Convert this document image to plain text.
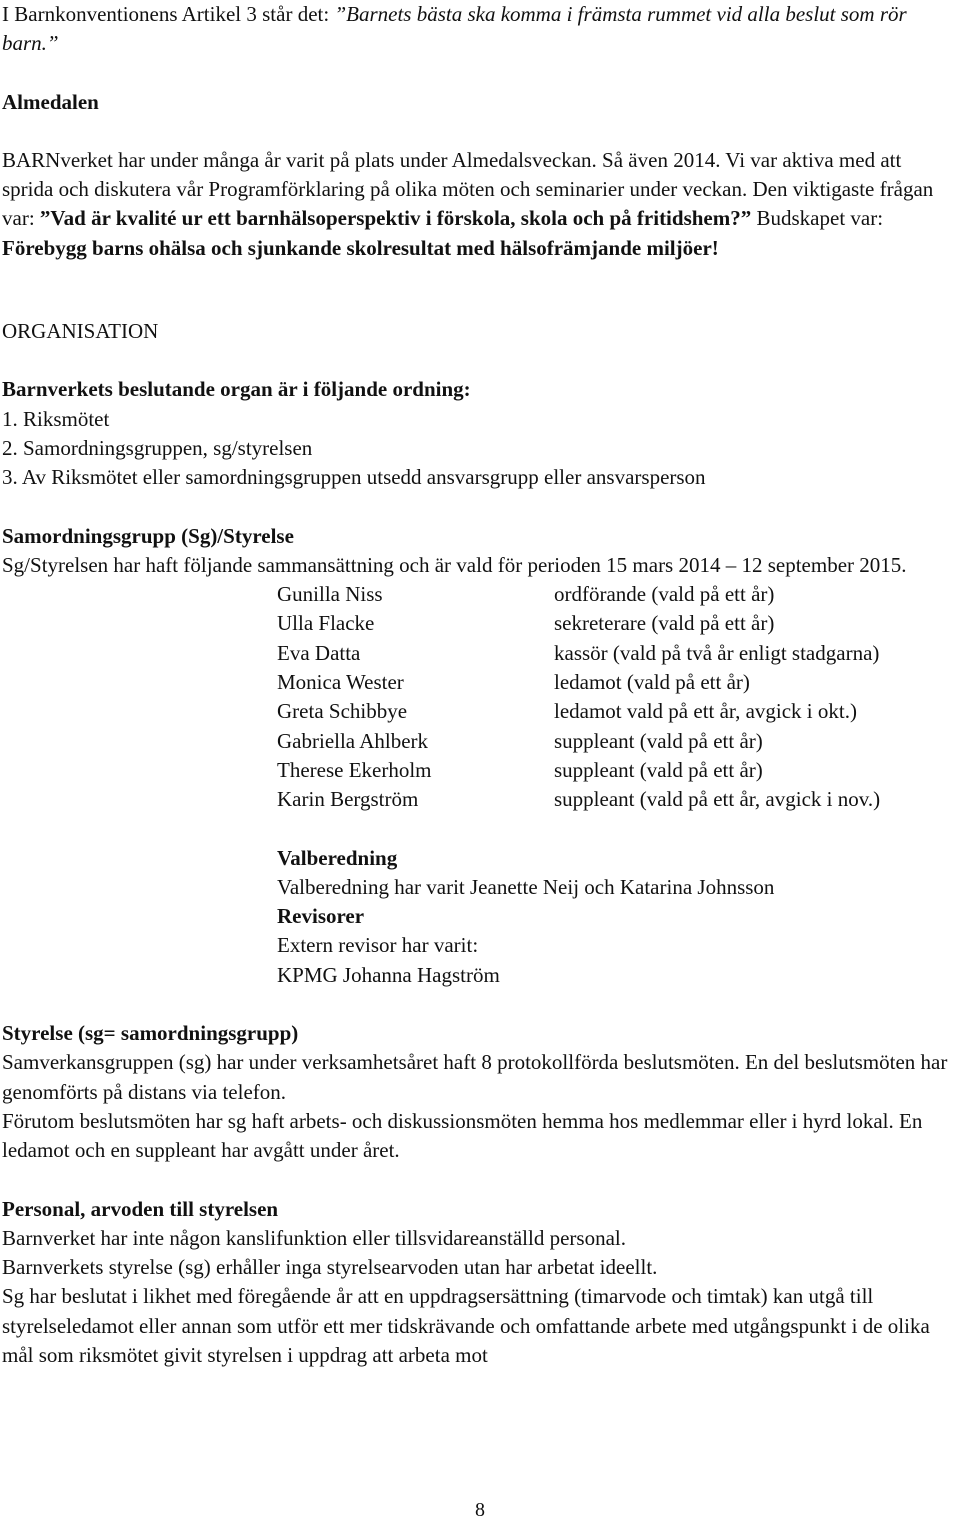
I Barnkonventionens Artikel 3 står det: ”Barnets bästa ska komma i främsta rummet vid alla beslut som rör barn.”

Almedalen

BARNverket har under många år varit på plats under Almedalsveckan. Så även 2014. Vi var aktiva med att sprida och diskutera vår Programförklaring på olika möten och seminarier under veckan. Den viktigaste frågan var: ”Vad är kvalité ur ett barnhälsoperspektiv i förskola, skola och på fritidshem?” Budskapet var: Förebygg barns ohälsa och sjunkande skolresultat med hälsofrämjande miljöer!

ORGANISATION

Barnverkets beslutande organ är i följande ordning:

1. Riksmötet

2. Samordningsgruppen, sg/styrelsen

3. Av Riksmötet eller samordningsgruppen utsedd ansvarsgrupp eller ansvarsperson

Samordningsgrupp (Sg)/Styrelse

Sg/Styrelsen har haft följande sammansättning och är vald för perioden 15 mars 2014 – 12 september 2015.

Gunilla Niss	ordförande (vald på ett år)
Ulla Flacke	sekreterare (vald på ett år)
Eva Datta	kassör (vald på två år enligt stadgarna)
Monica Wester	ledamot (vald på ett år)
Greta Schibbye	ledamot vald på ett år, avgick i okt.)
Gabriella Ahlberk	suppleant (vald på ett år)
Therese Ekerholm	suppleant (vald på ett år)
Karin Bergström	suppleant (vald på ett år, avgick i nov.)

Valberedning

Valberedning har varit Jeanette Neij och Katarina Johnsson

Revisorer

Extern revisor har varit:

KPMG Johanna Hagström

Styrelse (sg= samordningsgrupp)

Samverkansgruppen (sg) har under verksamhetsåret haft 8 protokollförda beslutsmöten. En del beslutsmöten har genomförts på distans via telefon.

Förutom beslutsmöten har sg haft arbets- och diskussionsmöten hemma hos medlemmar eller i hyrd lokal. En ledamot och en suppleant har avgått under året.

Personal, arvoden till styrelsen

Barnverket har inte någon kanslifunktion eller tillsvidareanställd personal.

Barnverkets styrelse (sg) erhåller inga styrelsearvoden utan har arbetat ideellt.

Sg har beslutat i likhet med föregående år att en uppdragsersättning (timarvode och timtak) kan utgå till styrelseledamot eller annan som utför ett mer tidskrävande och omfattande arbete med utgångspunkt i de olika mål som riksmötet givit styrelsen i uppdrag att arbeta mot

8
